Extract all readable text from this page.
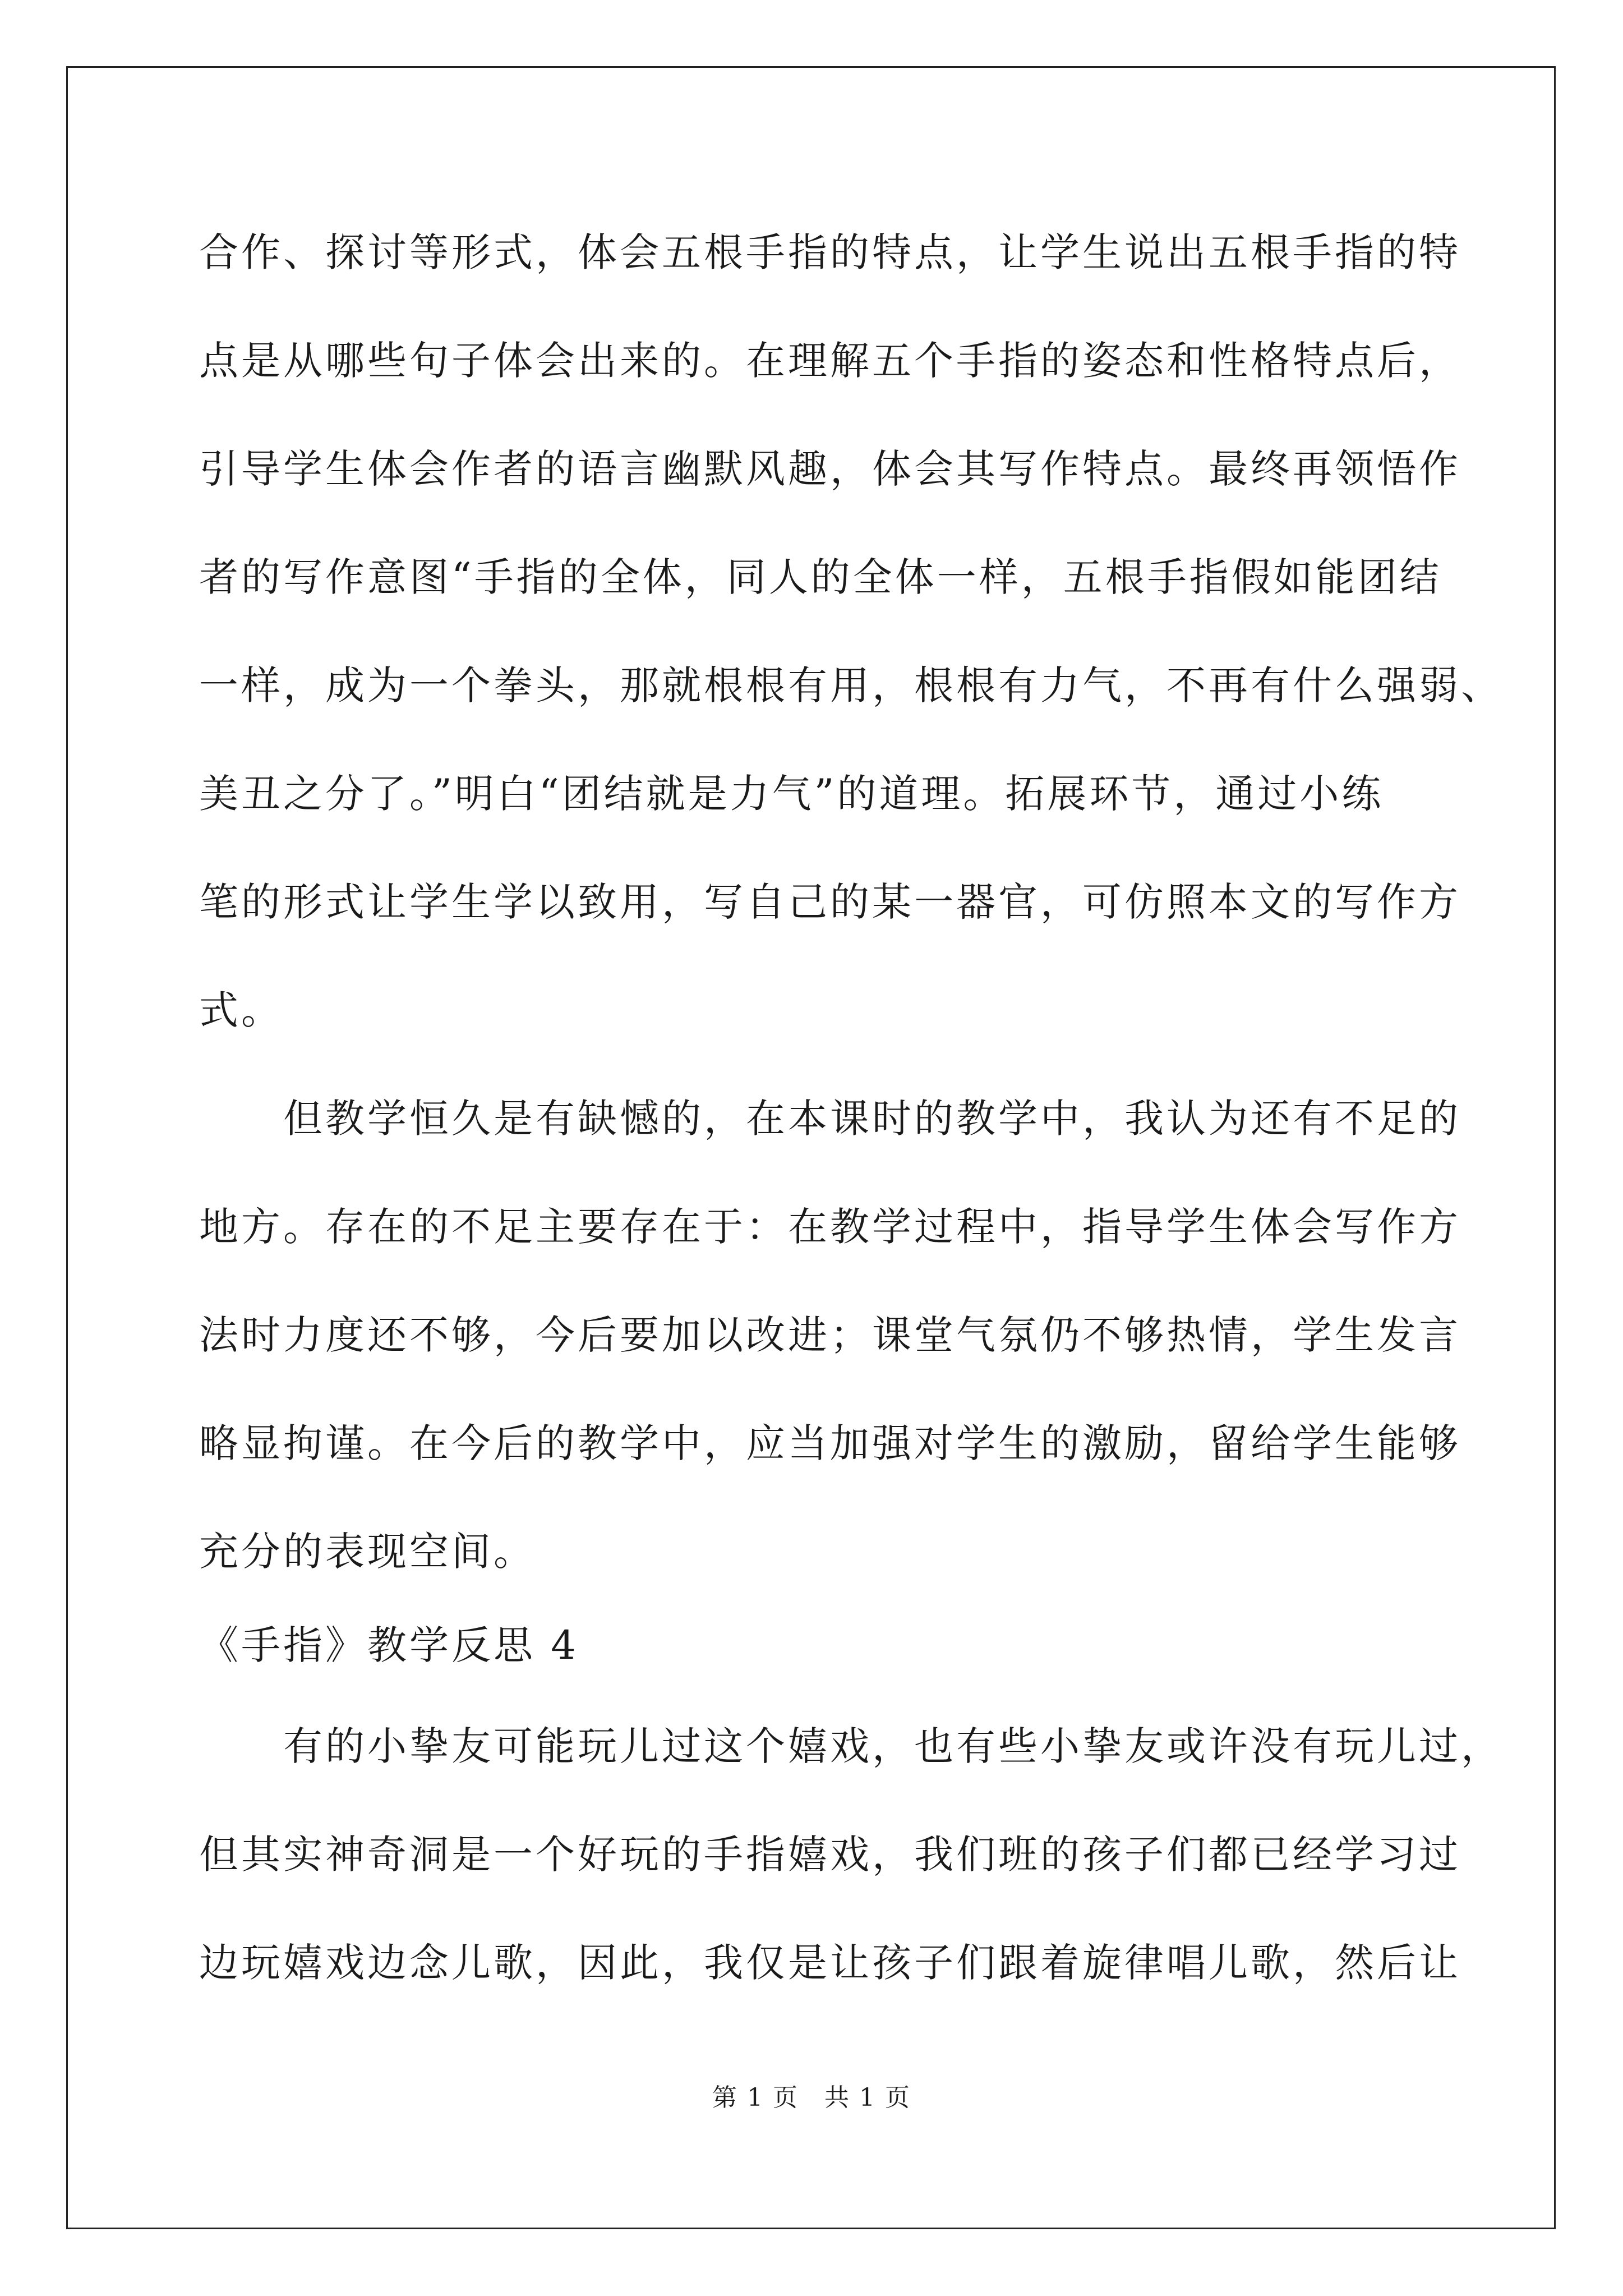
合作、探讨等形式，体会五根手指的特点，让学生说出五根手指的特
点是从哪些句子体会出来的。在理解五个手指的姿态和性格特点后，
引导学生体会作者的语言幽默风趣，体会其写作特点。最终再领悟作
者的写作意图“手指的全体，同人的全体一样，五根手指假如能团结
一样，成为一个拳头，那就根根有用，根根有力气，不再有什么强弱、
美丑之分了。”明白“团结就是力气”的道理。拓展环节，通过小练
笔的形式让学生学以致用，写自己的某一器官，可仿照本文的写作方
式。
　　但教学恒久是有缺憾的，在本课时的教学中，我认为还有不足的
地方。存在的不足主要存在于：在教学过程中，指导学生体会写作方
法时力度还不够，今后要加以改进；课堂气氛仍不够热情，学生发言
略显拘谨。在今后的教学中，应当加强对学生的激励，留给学生能够
充分的表现空间。
《手指》教学反思 4
　　有的小挚友可能玩儿过这个嬉戏，也有些小挚友或许没有玩儿过，
但其实神奇洞是一个好玩的手指嬉戏，我们班的孩子们都已经学习过
边玩嬉戏边念儿歌，因此，我仅是让孩子们跟着旋律唱儿歌，然后让
第 1 页　共 1 页
